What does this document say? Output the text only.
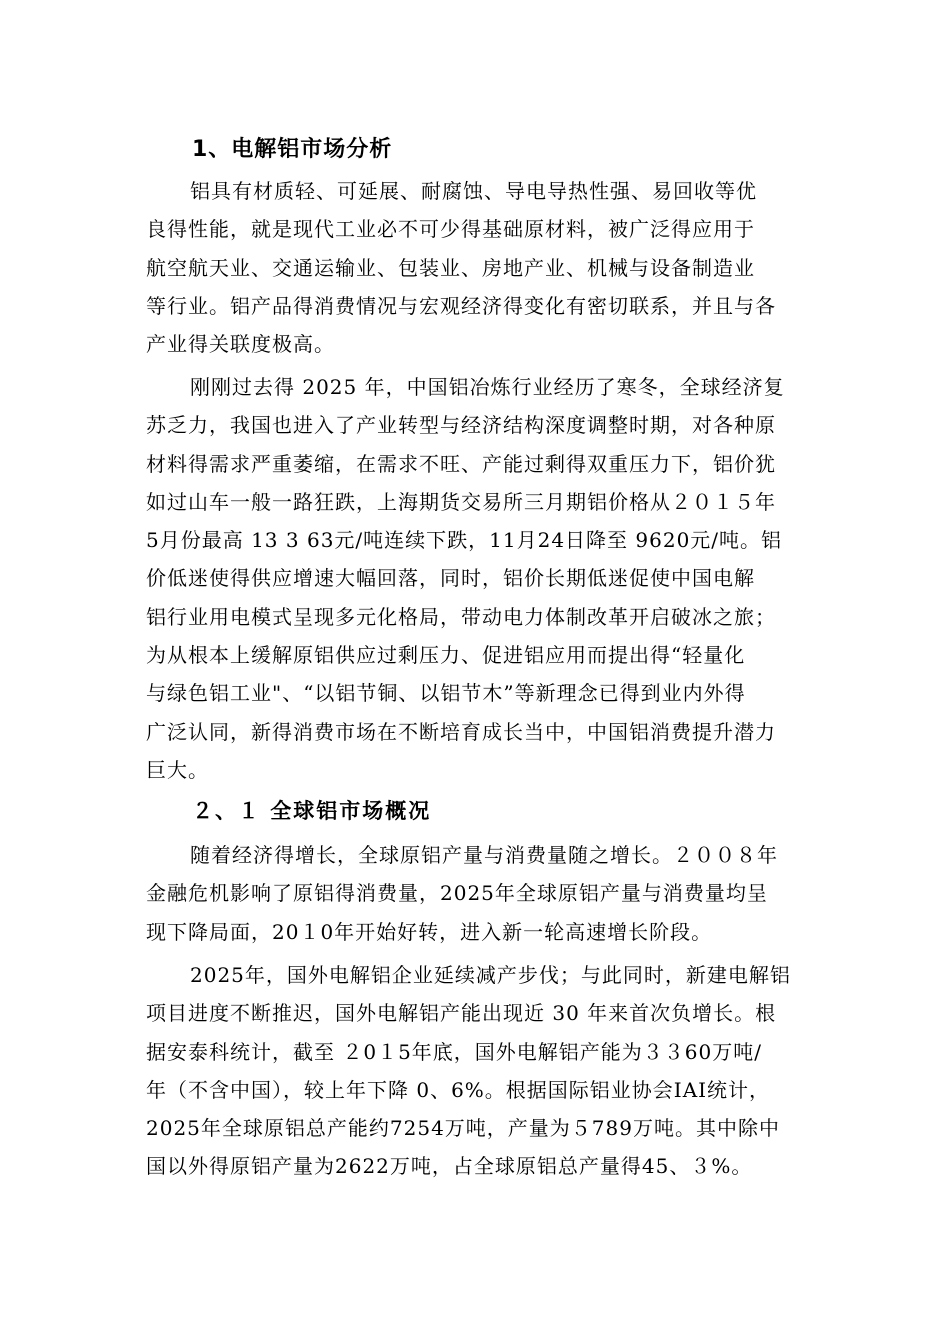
1、电解铝市场分析
铝具有材质轻、可延展、耐腐蚀、导电导热性强、易回收等优
良得性能，就是现代工业必不可少得基础原材料，被广泛得应用于
航空航天业、交通运输业、包装业、房地产业、机械与设备制造业
等行业。铝产品得消费情况与宏观经济得变化有密切联系，并且与各
产业得关联度极高。
刚刚过去得 2025 年，中国铝冶炼行业经历了寒冬，全球经济复
苏乏力，我国也进入了产业转型与经济结构深度调整时期，对各种原
材料得需求严重萎缩，在需求不旺、产能过剩得双重压力下，铝价犹
如过山车一般一路狂跌，上海期货交易所三月期铝价格从２０１５年
5月份最高 13 3 63元/吨连续下跌，11月24日降至 9620元/吨。铝
价低迷使得供应增速大幅回落，同时，铝价长期低迷促使中国电解
铝行业用电模式呈现多元化格局，带动电力体制改革开启破冰之旅；
为从根本上缓解原铝供应过剩压力、促进铝应用而提出得“轻量化
与绿色铝工业"、“以铝节铜、以铝节木”等新理念已得到业内外得
广泛认同，新得消费市场在不断培育成长当中，中国铝消费提升潜力
巨大。
２、１ 全球铝市场概况
随着经济得增长，全球原铝产量与消费量随之增长。２００８年
金融危机影响了原铝得消费量，2025年全球原铝产量与消费量均呈
现下降局面，20１0年开始好转，进入新一轮高速增长阶段。
2025年，国外电解铝企业延续减产步伐；与此同时，新建电解铝
项目进度不断推迟，国外电解铝产能出现近 30 年来首次负增长。根
据安泰科统计，截至 ２0１5年底，国外电解铝产能为３３60万吨/
年（不含中国），较上年下降 0、6%。根据国际铝业协会IAI统计，
2025年全球原铝总产能约7254万吨，产量为５789万吨。其中除中
国以外得原铝产量为2622万吨，占全球原铝总产量得45、３%。
